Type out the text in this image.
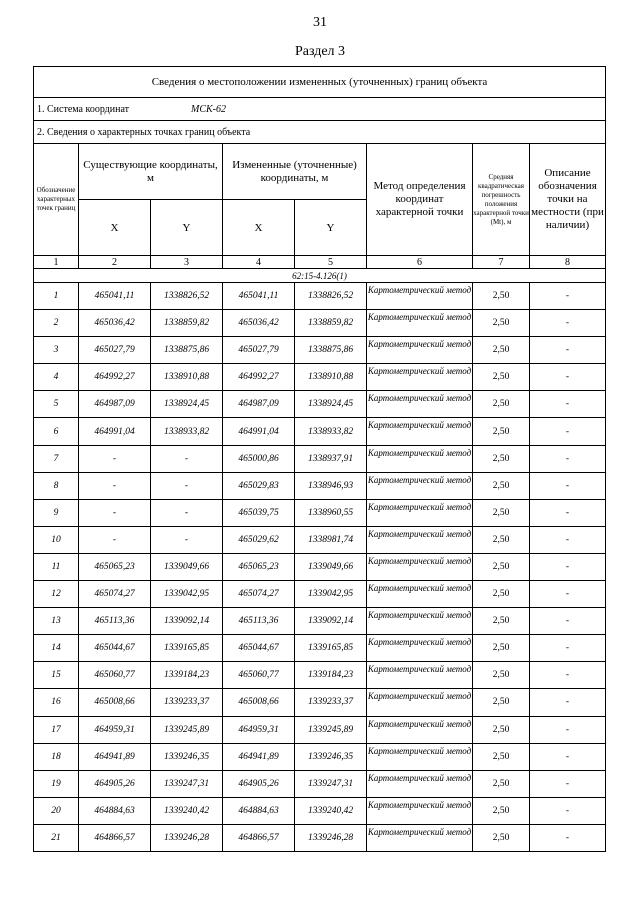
31
Раздел 3
Сведения о местоположении измененных (уточненных) границ объекта							
1. Система координат МСК-62							
2. Сведения о характерных точках границ объекта							
Обозначение характерных точек границ	Существующие координаты, м		Измененные (уточненные) координаты, м		Метод определения координат характерной точки	Средняя квадратическая погрешность положения характерной точки (Mt), м	Описание обозначения точки на местности (при наличии)
	X	Y	X	Y			
1	2	3	4	5	6	7	8
62:15-4.126(1)							
1	465041,11	1338826,52	465041,11	1338826,52	Картометрический метод	2,50	-
2	465036,42	1338859,82	465036,42	1338859,82	Картометрический метод	2,50	-
3	465027,79	1338875,86	465027,79	1338875,86	Картометрический метод	2,50	-
4	464992,27	1338910,88	464992,27	1338910,88	Картометрический метод	2,50	-
5	464987,09	1338924,45	464987,09	1338924,45	Картометрический метод	2,50	-
6	464991,04	1338933,82	464991,04	1338933,82	Картометрический метод	2,50	-
7	-	-	465000,86	1338937,91	Картометрический метод	2,50	-
8	-	-	465029,83	1338946,93	Картометрический метод	2,50	-
9	-	-	465039,75	1338960,55	Картометрический метод	2,50	-
10	-	-	465029,62	1338981,74	Картометрический метод	2,50	-
11	465065,23	1339049,66	465065,23	1339049,66	Картометрический метод	2,50	-
12	465074,27	1339042,95	465074,27	1339042,95	Картометрический метод	2,50	-
13	465113,36	1339092,14	465113,36	1339092,14	Картометрический метод	2,50	-
14	465044,67	1339165,85	465044,67	1339165,85	Картометрический метод	2,50	-
15	465060,77	1339184,23	465060,77	1339184,23	Картометрический метод	2,50	-
16	465008,66	1339233,37	465008,66	1339233,37	Картометрический метод	2,50	-
17	464959,31	1339245,89	464959,31	1339245,89	Картометрический метод	2,50	-
18	464941,89	1339246,35	464941,89	1339246,35	Картометрический метод	2,50	-
19	464905,26	1339247,31	464905,26	1339247,31	Картометрический метод	2,50	-
20	464884,63	1339240,42	464884,63	1339240,42	Картометрический метод	2,50	-
21	464866,57	1339246,28	464866,57	1339246,28	Картометрический метод	2,50	-
